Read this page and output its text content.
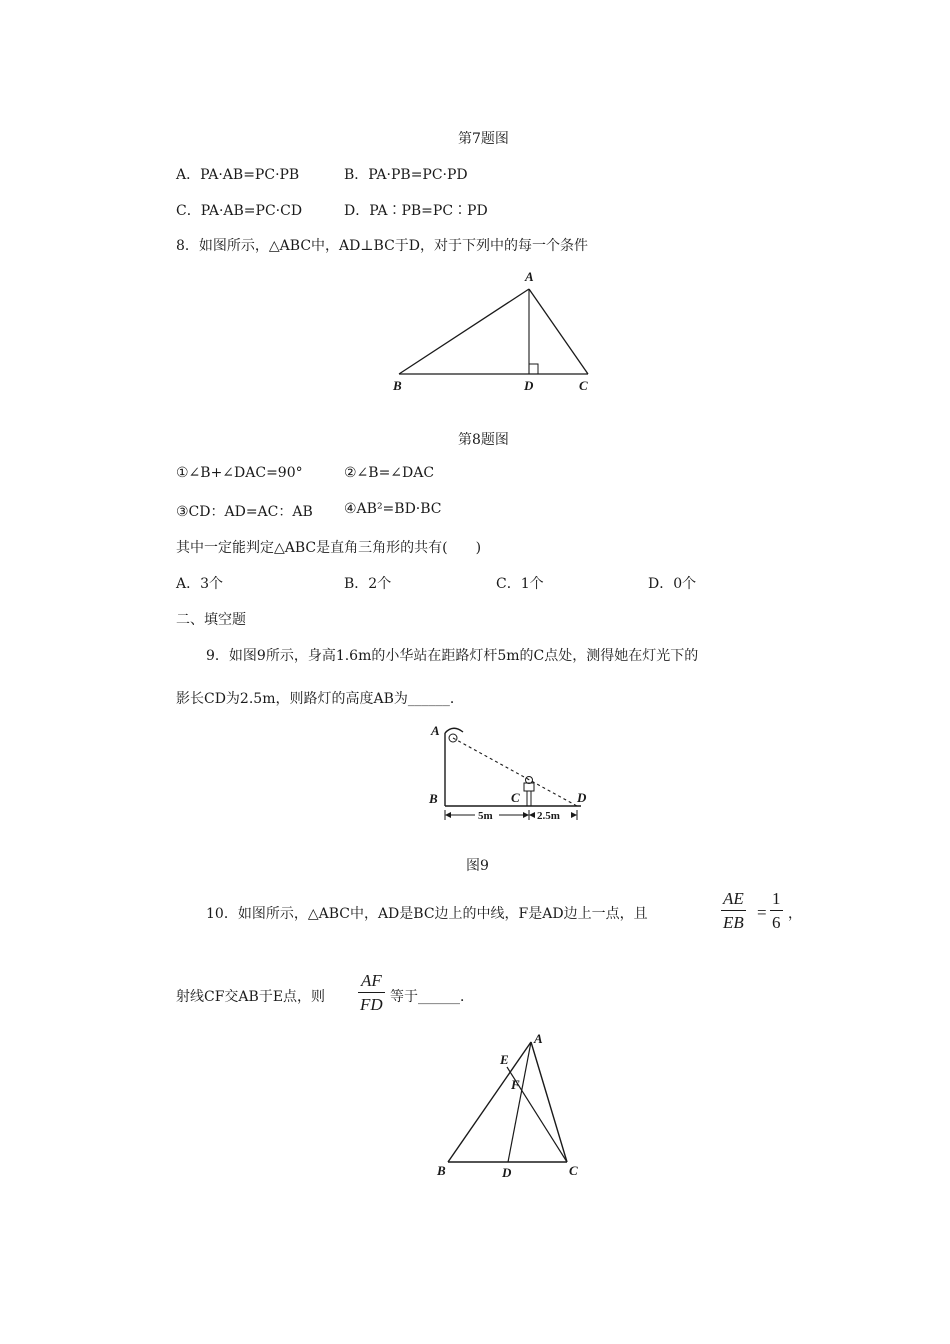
第7题图
A．PA·AB=PC·PB	B．PA·PB=PC·PD
C．PA·AB=PC·CD	D．PA∶PB=PC∶PD
8．如图所示，△ABC中，AD⊥BC于D，对于下列中的每一个条件
A
B	D	C
第8题图
①∠B+∠DAC=90°	②∠B=∠DAC
③CD：AD=AC：AB ④AB²=BD·BC
其中一定能判定△ABC是直角三角形的共有(　　)
A．3个	B．2个	C．1个	D．0个
二、填空题
9．如图9所示，身高1.6m的小华站在距路灯杆5m的C点处，测得她在灯光下的
影长CD为2.5m，则路灯的高度AB为______．
A
B	C	D
5m	2.5m
图9
10．如图所示，△ABC中，AD是BC边上的中线，F是AD边上一点，且	$\frac{AE}{EB} = \frac{1}{6}$ ，
射线CF交AB于E点，则 $\frac{AF}{FD}$ 等于______．
A
E
F
B	D	C
